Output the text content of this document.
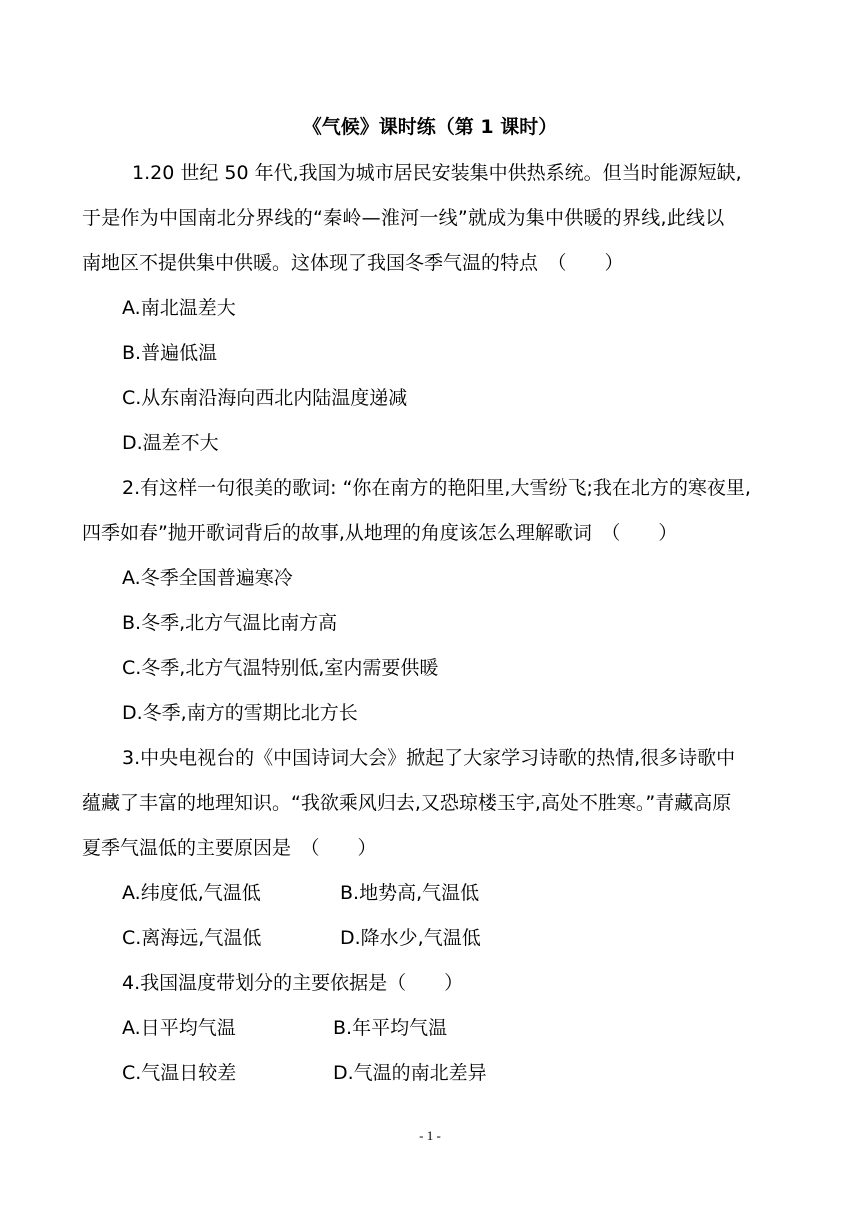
《气候》课时练（第 1 课时）
1.20 世纪 50 年代,我国为城市居民安装集中供热系统。但当时能源短缺,
于是作为中国南北分界线的“秦岭—淮河一线”就成为集中供暖的界线,此线以
南地区不提供集中供暖。这体现了我国冬季气温的特点　（　　）
A.南北温差大
B.普遍低温
C.从东南沿海向西北内陆温度递减
D.温差不大
2.有这样一句很美的歌词: “你在南方的艳阳里,大雪纷飞;我在北方的寒夜里,
四季如春”抛开歌词背后的故事,从地理的角度该怎么理解歌词　（　　）
A.冬季全国普遍寒冷
B.冬季,北方气温比南方高
C.冬季,北方气温特别低,室内需要供暖
D.冬季,南方的雪期比北方长
3.中央电视台的《中国诗词大会》掀起了大家学习诗歌的热情,很多诗歌中
蕴藏了丰富的地理知识。“我欲乘风归去,又恐琼楼玉宇,高处不胜寒。”青藏高原
夏季气温低的主要原因是　（　　）
A.纬度低,气温低	B.地势高,气温低
C.离海远,气温低	D.降水少,气温低
4.我国温度带划分的主要依据是（　　）
A.日平均气温	B.年平均气温
C.气温日较差	D.气温的南北差异
- 1 -
